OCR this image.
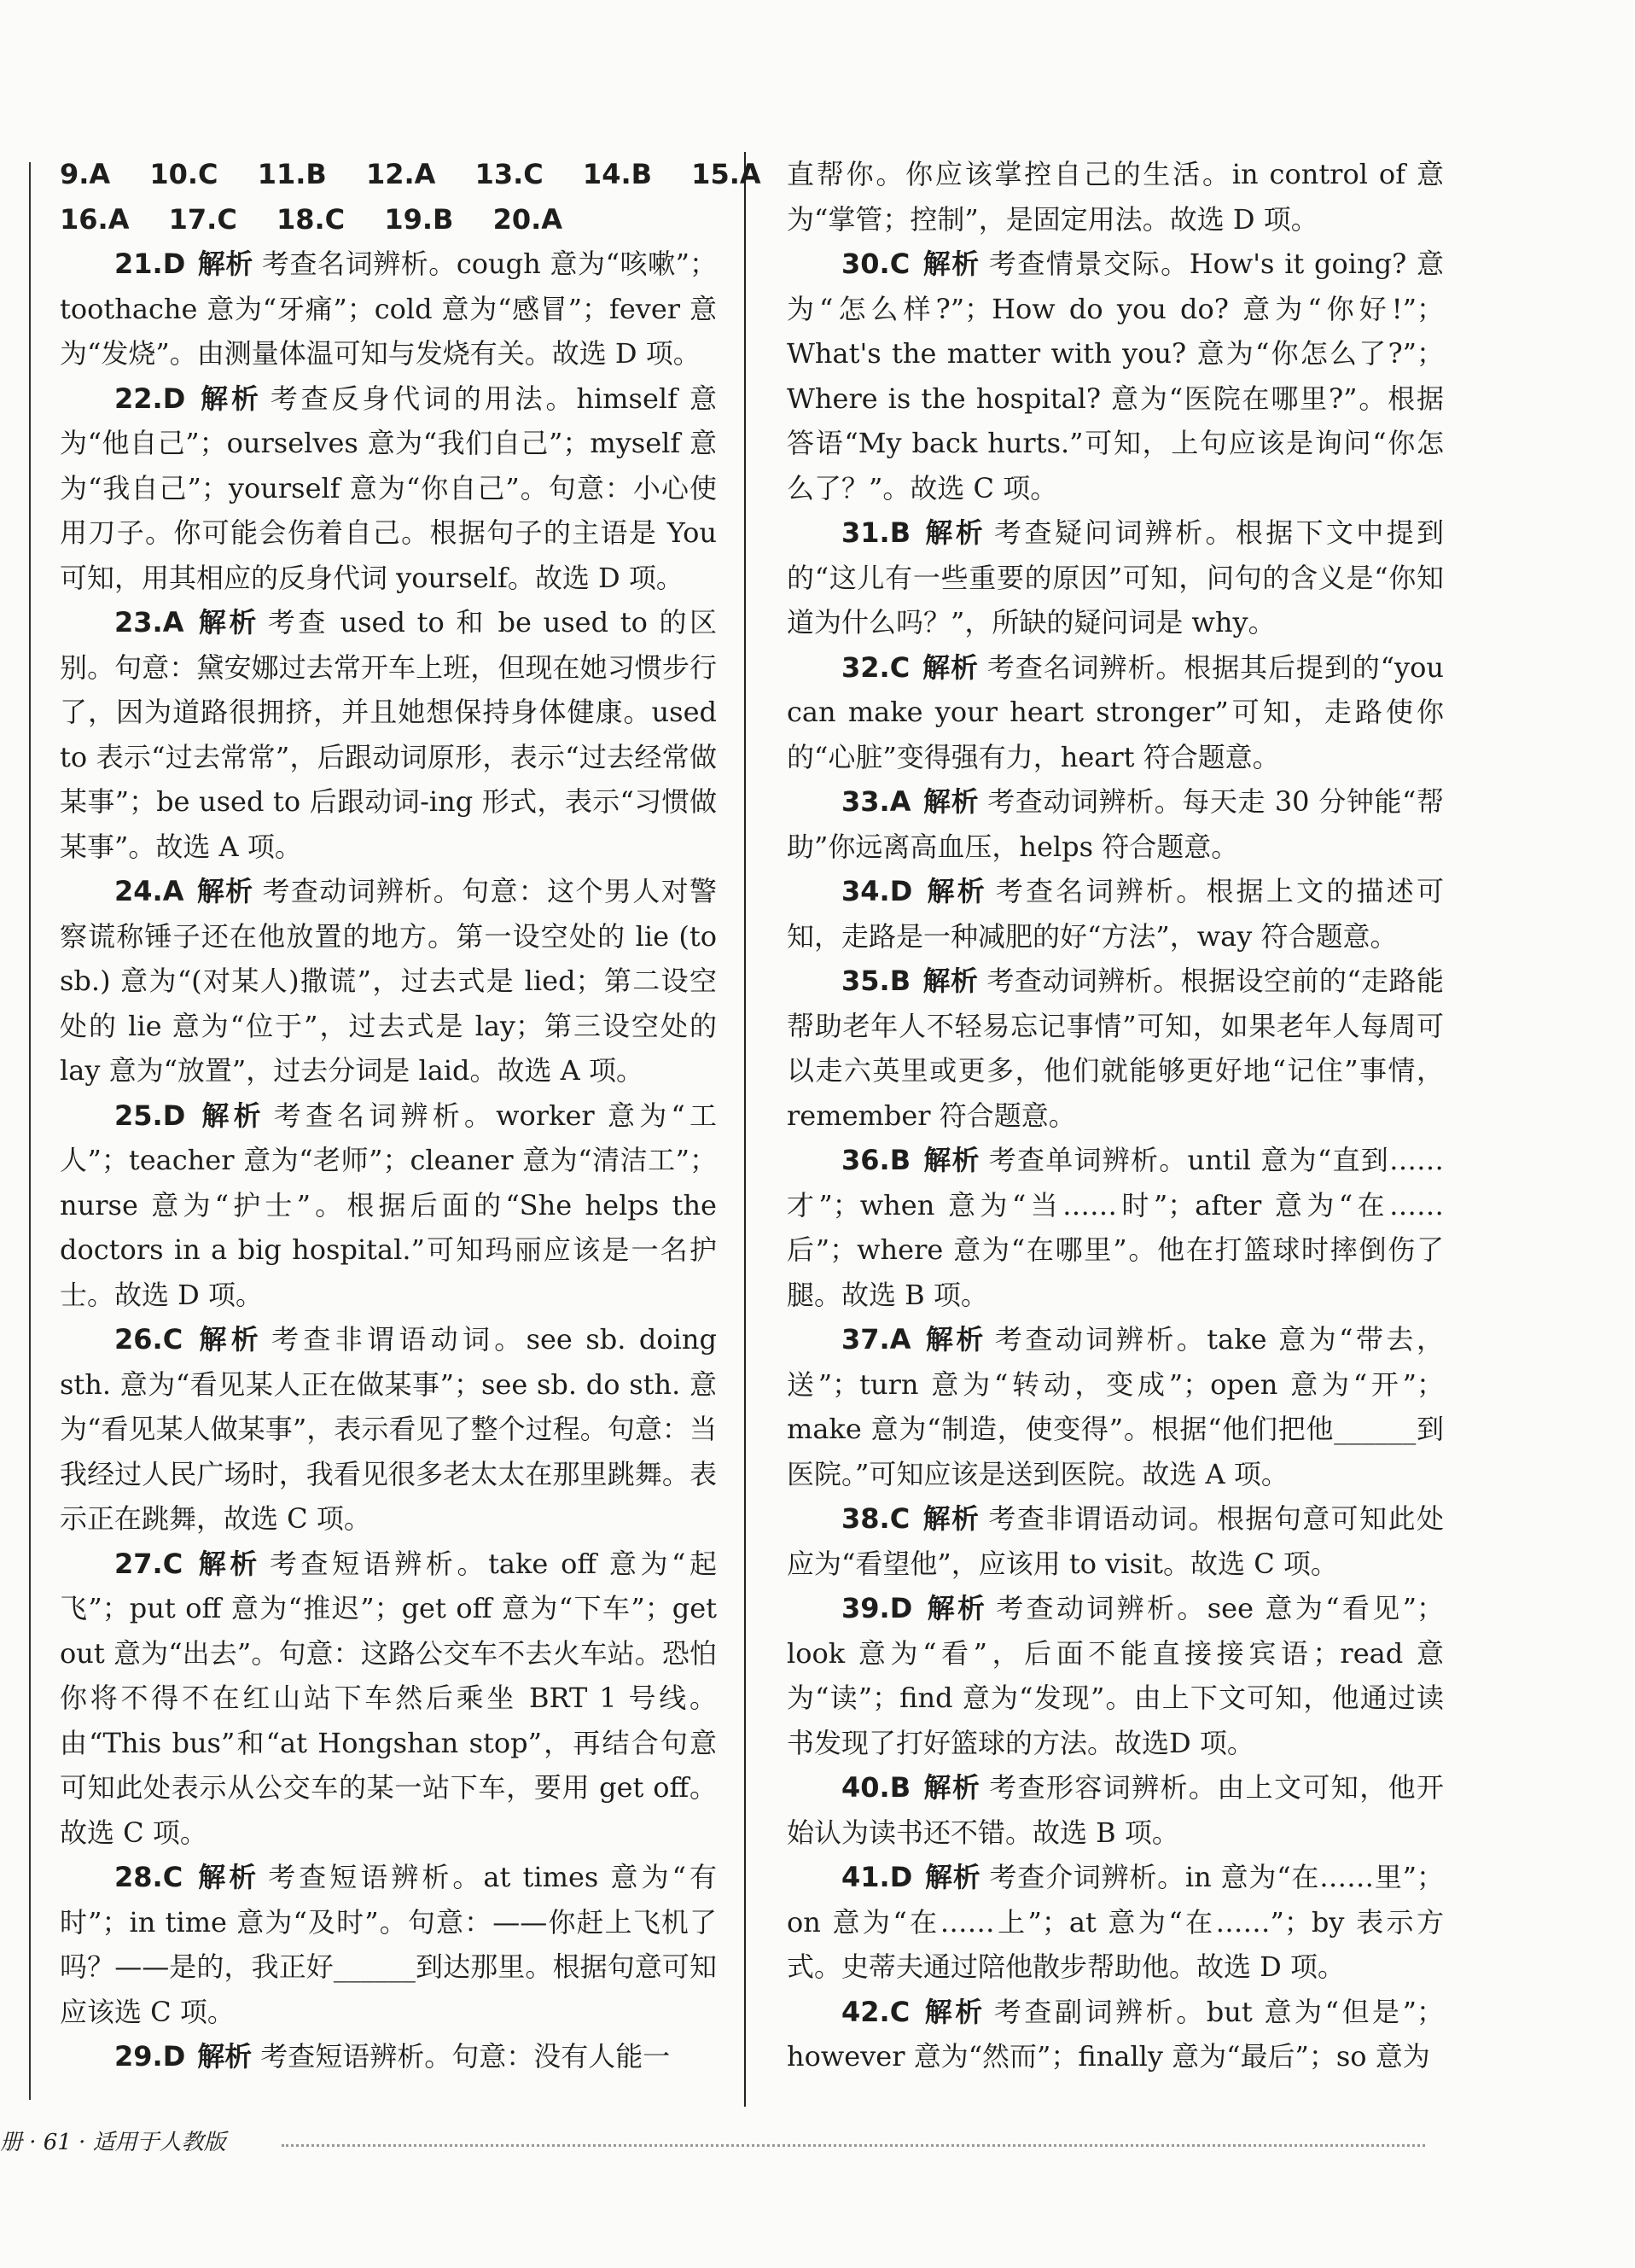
9.A 10.C 11.B 12.A 13.C 14.B 15.A
16.A 17.C 18.C 19.B 20.A

21.D 解析 考查名词辨析。cough 意为“咳嗽”；toothache 意为“牙痛”；cold 意为“感冒”；fever 意为“发烧”。由测量体温可知与发烧有关。故选 D 项。

22.D 解析 考查反身代词的用法。himself 意为“他自己”；ourselves 意为“我们自己”；myself 意为“我自己”；yourself 意为“你自己”。句意：小心使用刀子。你可能会伤着自己。根据句子的主语是 You 可知，用其相应的反身代词 yourself。故选 D 项。

23.A 解析 考查 used to 和 be used to 的区别。句意：黛安娜过去常开车上班，但现在她习惯步行了，因为道路很拥挤，并且她想保持身体健康。used to 表示“过去常常”，后跟动词原形，表示“过去经常做某事”；be used to 后跟动词-ing 形式，表示“习惯做某事”。故选 A 项。

24.A 解析 考查动词辨析。句意：这个男人对警察谎称锤子还在他放置的地方。第一设空处的 lie (to sb.) 意为“(对某人)撒谎”，过去式是 lied；第二设空处的 lie 意为“位于”，过去式是 lay；第三设空处的 lay 意为“放置”，过去分词是 laid。故选 A 项。

25.D 解析 考查名词辨析。worker 意为“工人”；teacher 意为“老师”；cleaner 意为“清洁工”；nurse 意为“护士”。根据后面的“She helps the doctors in a big hospital.”可知玛丽应该是一名护士。故选 D 项。

26.C 解析 考查非谓语动词。see sb. doing sth. 意为“看见某人正在做某事”；see sb. do sth. 意为“看见某人做某事”，表示看见了整个过程。句意：当我经过人民广场时，我看见很多老太太在那里跳舞。表示正在跳舞，故选 C 项。

27.C 解析 考查短语辨析。take off 意为“起飞”；put off 意为“推迟”；get off 意为“下车”；get out 意为“出去”。句意：这路公交车不去火车站。恐怕你将不得不在红山站下车然后乘坐 BRT 1 号线。由“This bus”和“at Hongshan stop”，再结合句意可知此处表示从公交车的某一站下车，要用 get off。故选 C 项。

28.C 解析 考查短语辨析。at times 意为“有时”；in time 意为“及时”。句意：——你赶上飞机了吗？——是的，我正好______到达那里。根据句意可知应该选 C 项。

29.D 解析 考查短语辨析。句意：没有人能一

直帮你。你应该掌控自己的生活。in control of 意为“掌管；控制”，是固定用法。故选 D 项。

30.C 解析 考查情景交际。How's it going? 意为“怎么样?”；How do you do? 意为“你好!”；What's the matter with you? 意为“你怎么了?”；Where is the hospital? 意为“医院在哪里?”。根据答语“My back hurts.”可知，上句应该是询问“你怎么了？”。故选 C 项。

31.B 解析 考查疑问词辨析。根据下文中提到的“这儿有一些重要的原因”可知，问句的含义是“你知道为什么吗？”，所缺的疑问词是 why。

32.C 解析 考查名词辨析。根据其后提到的“you can make your heart stronger”可知，走路使你的“心脏”变得强有力，heart 符合题意。

33.A 解析 考查动词辨析。每天走 30 分钟能“帮助”你远离高血压，helps 符合题意。

34.D 解析 考查名词辨析。根据上文的描述可知，走路是一种减肥的好“方法”，way 符合题意。

35.B 解析 考查动词辨析。根据设空前的“走路能帮助老年人不轻易忘记事情”可知，如果老年人每周可以走六英里或更多，他们就能够更好地“记住”事情，remember 符合题意。

36.B 解析 考查单词辨析。until 意为“直到……才”；when 意为“当……时”；after 意为“在……后”；where 意为“在哪里”。他在打篮球时摔倒伤了腿。故选 B 项。

37.A 解析 考查动词辨析。take 意为“带去，送”；turn 意为“转动，变成”；open 意为“开”；make 意为“制造，使变得”。根据“他们把他______到医院。”可知应该是送到医院。故选 A 项。

38.C 解析 考查非谓语动词。根据句意可知此处应为“看望他”，应该用 to visit。故选 C 项。

39.D 解析 考查动词辨析。see 意为“看见”；look 意为“看”，后面不能直接接宾语；read 意为“读”；find 意为“发现”。由上下文可知，他通过读书发现了打好篮球的方法。故选D 项。

40.B 解析 考查形容词辨析。由上文可知，他开始认为读书还不错。故选 B 项。

41.D 解析 考查介词辨析。in 意为“在……里”；on 意为“在……上”；at 意为“在……”；by 表示方式。史蒂夫通过陪他散步帮助他。故选 D 项。

42.C 解析 考查副词辨析。but 意为“但是”；however 意为“然而”；finally 意为“最后”；so 意为

册 · 61 · 适用于人教版
